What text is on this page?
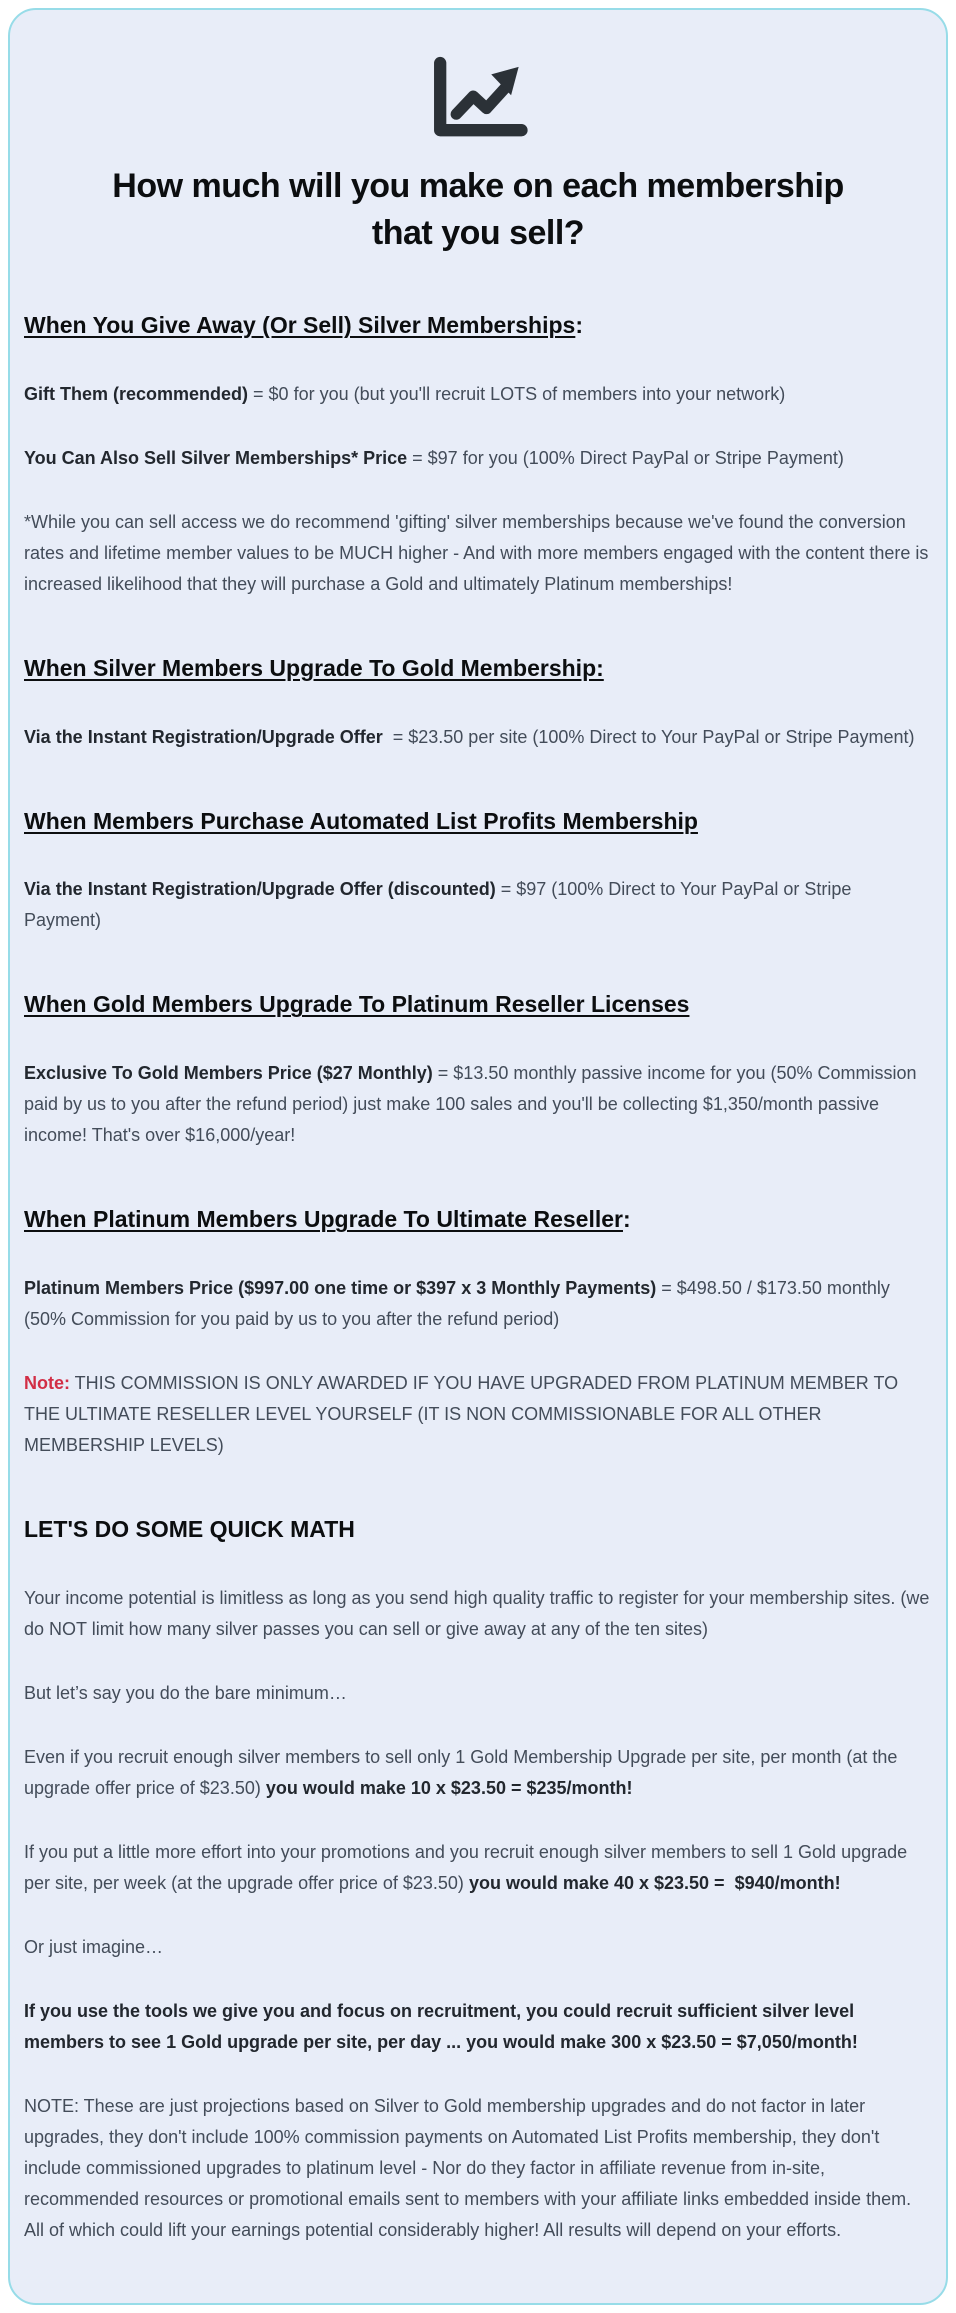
How much will you make on each membership that you sell?
When You Give Away (Or Sell) Silver Memberships:

Gift Them (recommended) = $0 for you (but you'll recruit LOTS of members into your network)

You Can Also Sell Silver Memberships* Price = $97 for you (100% Direct PayPal or Stripe Payment)

*While you can sell access we do recommend 'gifting' silver memberships because we've found the conversion rates and lifetime member values to be MUCH higher - And with more members engaged with the content there is increased likelihood that they will purchase a Gold and ultimately Platinum memberships!

When Silver Members Upgrade To Gold Membership:

Via the Instant Registration/Upgrade Offer  = $23.50 per site (100% Direct to Your PayPal or Stripe Payment)

When Members Purchase Automated List Profits Membership

Via the Instant Registration/Upgrade Offer (discounted) = $97 (100% Direct to Your PayPal or Stripe Payment)

When Gold Members Upgrade To Platinum Reseller Licenses

Exclusive To Gold Members Price ($27 Monthly) = $13.50 monthly passive income for you (50% Commission paid by us to you after the refund period) just make 100 sales and you'll be collecting $1,350/month passive income! That's over $16,000/year!

When Platinum Members Upgrade To Ultimate Reseller:

Platinum Members Price ($997.00 one time or $397 x 3 Monthly Payments) = $498.50 / $173.50 monthly (50% Commission for you paid by us to you after the refund period)

Note: THIS COMMISSION IS ONLY AWARDED IF YOU HAVE UPGRADED FROM PLATINUM MEMBER TO THE ULTIMATE RESELLER LEVEL YOURSELF (IT IS NON COMMISSIONABLE FOR ALL OTHER MEMBERSHIP LEVELS)

LET'S DO SOME QUICK MATH

Your income potential is limitless as long as you send high quality traffic to register for your membership sites. (we do NOT limit how many silver passes you can sell or give away at any of the ten sites)

But let’s say you do the bare minimum…

Even if you recruit enough silver members to sell only 1 Gold Membership Upgrade per site, per month (at the upgrade offer price of $23.50) you would make 10 x $23.50 = $235/month!

If you put a little more effort into your promotions and you recruit enough silver members to sell 1 Gold upgrade per site, per week (at the upgrade offer price of $23.50) you would make 40 x $23.50 =  $940/month!

Or just imagine…

If you use the tools we give you and focus on recruitment, you could recruit sufficient silver level members to see 1 Gold upgrade per site, per day ... you would make 300 x $23.50 = $7,050/month!

NOTE: These are just projections based on Silver to Gold membership upgrades and do not factor in later upgrades, they don't include 100% commission payments on Automated List Profits membership, they don't include commissioned upgrades to platinum level - Nor do they factor in affiliate revenue from in-site, recommended resources or promotional emails sent to members with your affiliate links embedded inside them. All of which could lift your earnings potential considerably higher! All results will depend on your efforts.
